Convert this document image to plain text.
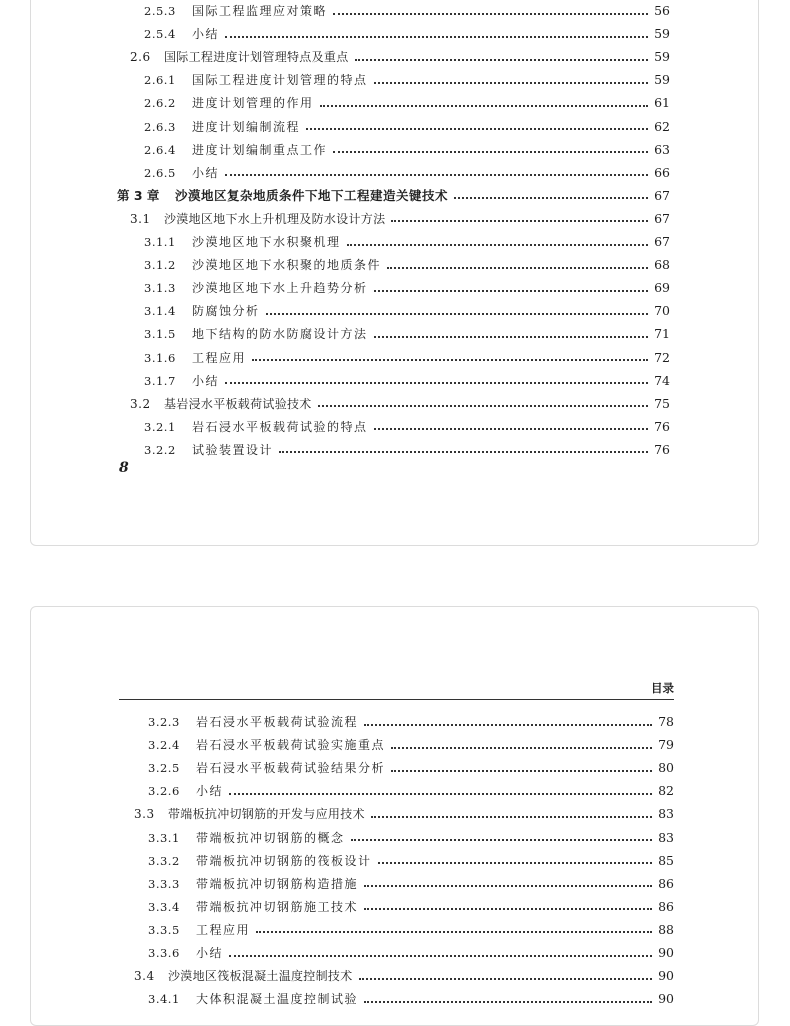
2.5.3	国际工程监理应对策略	56
2.5.4	小结	59
2.6	国际工程进度计划管理特点及重点	59
2.6.1	国际工程进度计划管理的特点	59
2.6.2	进度计划管理的作用	61
2.6.3	进度计划编制流程	62
2.6.4	进度计划编制重点工作	63
2.6.5	小结	66
第 3 章	沙漠地区复杂地质条件下地下工程建造关键技术	67
3.1	沙漠地区地下水上升机理及防水设计方法	67
3.1.1	沙漠地区地下水积聚机理	67
3.1.2	沙漠地区地下水积聚的地质条件	68
3.1.3	沙漠地区地下水上升趋势分析	69
3.1.4	防腐蚀分析	70
3.1.5	地下结构的防水防腐设计方法	71
3.1.6	工程应用	72
3.1.7	小结	74
3.2	基岩浸水平板载荷试验技术	75
3.2.1	岩石浸水平板载荷试验的特点	76
3.2.2	试验装置设计	76
8
目录
3.2.3	岩石浸水平板载荷试验流程	78
3.2.4	岩石浸水平板载荷试验实施重点	79
3.2.5	岩石浸水平板载荷试验结果分析	80
3.2.6	小结	82
3.3	带端板抗冲切钢筋的开发与应用技术	83
3.3.1	带端板抗冲切钢筋的概念	83
3.3.2	带端板抗冲切钢筋的筏板设计	85
3.3.3	带端板抗冲切钢筋构造措施	86
3.3.4	带端板抗冲切钢筋施工技术	86
3.3.5	工程应用	88
3.3.6	小结	90
3.4	沙漠地区筏板混凝土温度控制技术	90
3.4.1	大体积混凝土温度控制试验	90
